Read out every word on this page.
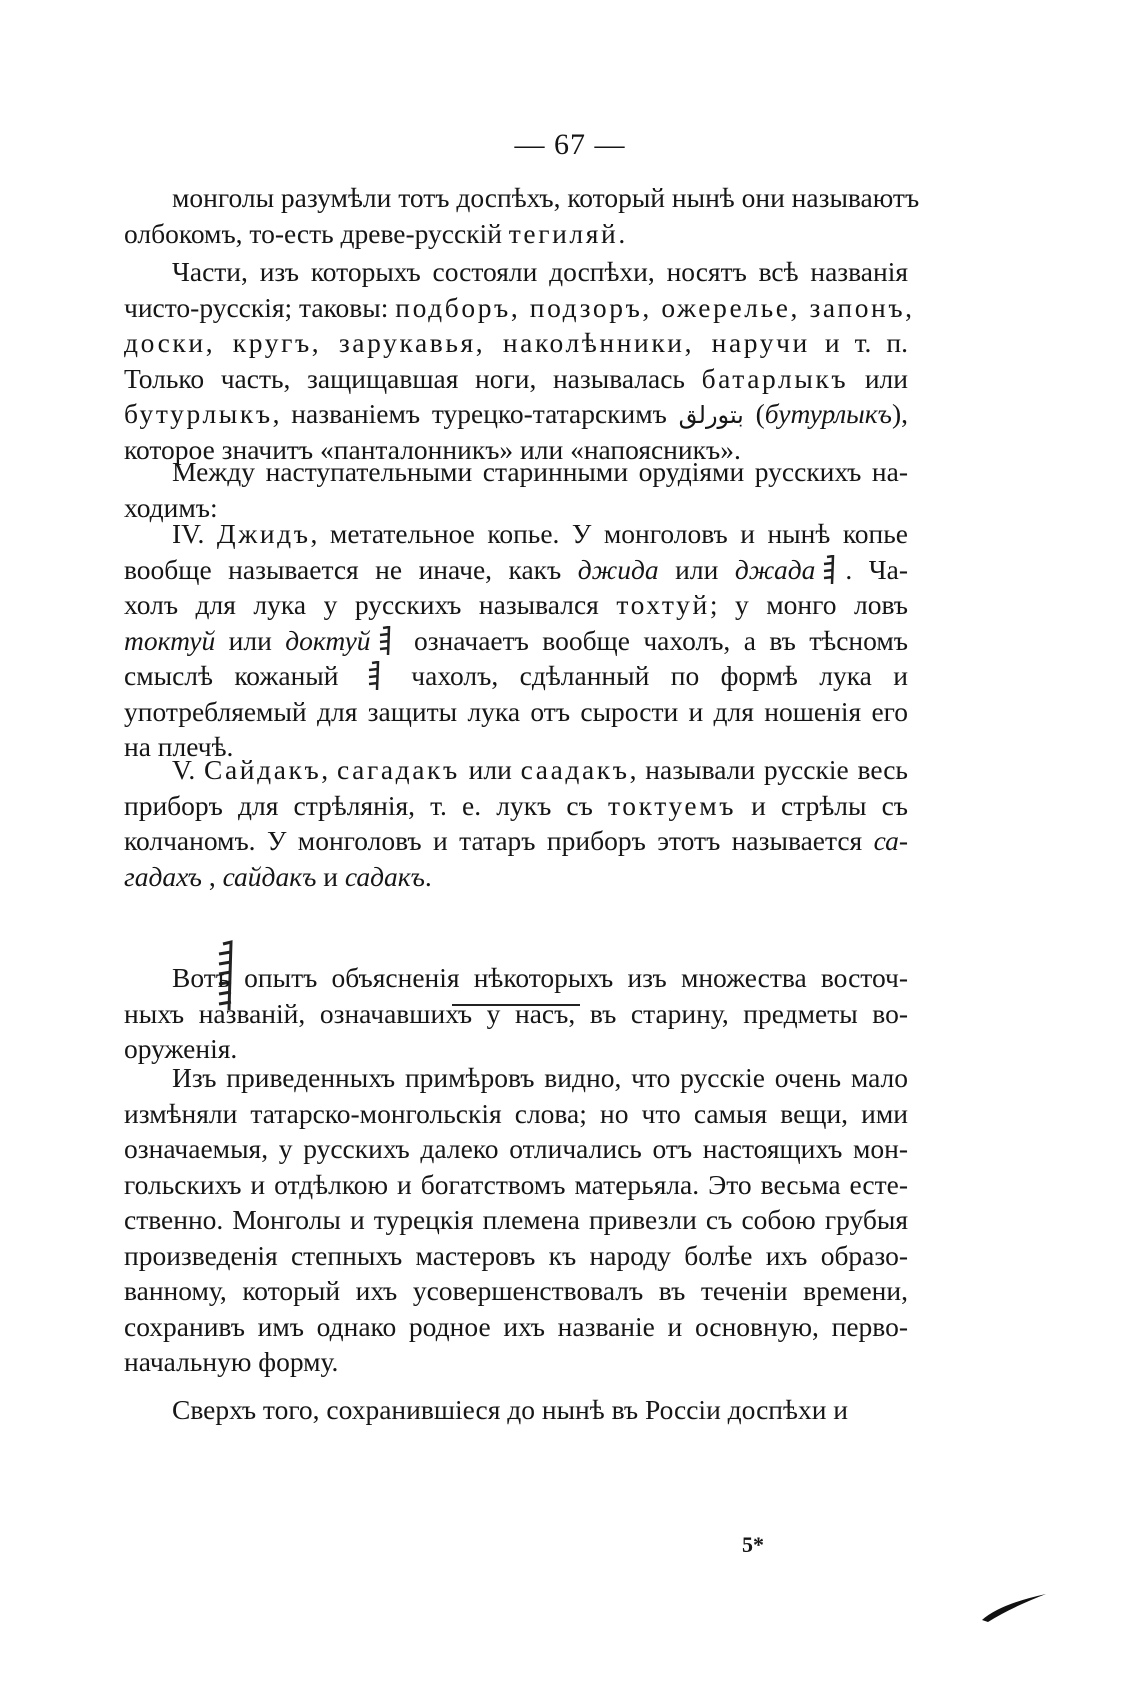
— 67 —
монголы разумѣли тотъ доспѣхъ, который нынѣ они называютъ
олбокомъ, то-есть древе-русскій тегиляй.
Части, изъ которыхъ состояли доспѣхи, носятъ всѣ названія
чисто-русскія; таковы: подборъ, подзоръ, ожерелье, запонъ,
доски, кругъ, зарукавья, наколѣнники, наручи и т. п.
Только часть, защищавшая ноги, называлась батарлыкъ или
бутурлыкъ, названіемъ турецко-татарскимъ بتورلق (бутурлыкъ),
которое значитъ «панталонникъ» или «напоясникъ».
Между наступательными старинными орудіями русскихъ на-
ходимъ:
IV. Джидъ, метательное копье. У монголовъ и нынѣ копье
вообще называется не иначе, какъ джида или джада . Ча-
холъ для лука у русскихъ назывался тохтуй; у монго ловъ
токтуй или доктуй означаетъ вообще чахолъ, а въ тѣсномъ
смыслѣ кожаный  чахолъ, сдѣланный по формѣ лука и
употребляемый для защиты лука отъ сырости и для ношенія его
на плечѣ.
V. Сайдакъ, сагадакъ или саадакъ, называли русскіе весь
приборъ для стрѣлянія, т. е. лукъ съ токтуемъ и стрѣлы съ
колчаномъ. У монголовъ и татаръ приборъ этотъ называется са-
гадахъ , сайдакъ и садакъ.
Вотъ опытъ объясненія нѣкоторыхъ изъ множества восточ-
ныхъ названій, означавшихъ у насъ, въ старину, предметы во-
оруженія.
Изъ приведенныхъ примѣровъ видно, что русскіе очень мало
измѣняли татарско-монгольскія слова; но что самыя вещи, ими
означаемыя, у русскихъ далеко отличались отъ настоящихъ мон-
гольскихъ и отдѣлкою и богатствомъ матерьяла. Это весьма есте-
ственно. Монголы и турецкія племена привезли съ собою грубыя
произведенія степныхъ мастеровъ къ народу болѣе ихъ образо-
ванному, который ихъ усовершенствовалъ въ теченіи времени,
сохранивъ имъ однако родное ихъ названіе и основную, перво-
начальную форму.
Сверхъ того, сохранившіеся до нынѣ въ Россіи доспѣхи и
5*
